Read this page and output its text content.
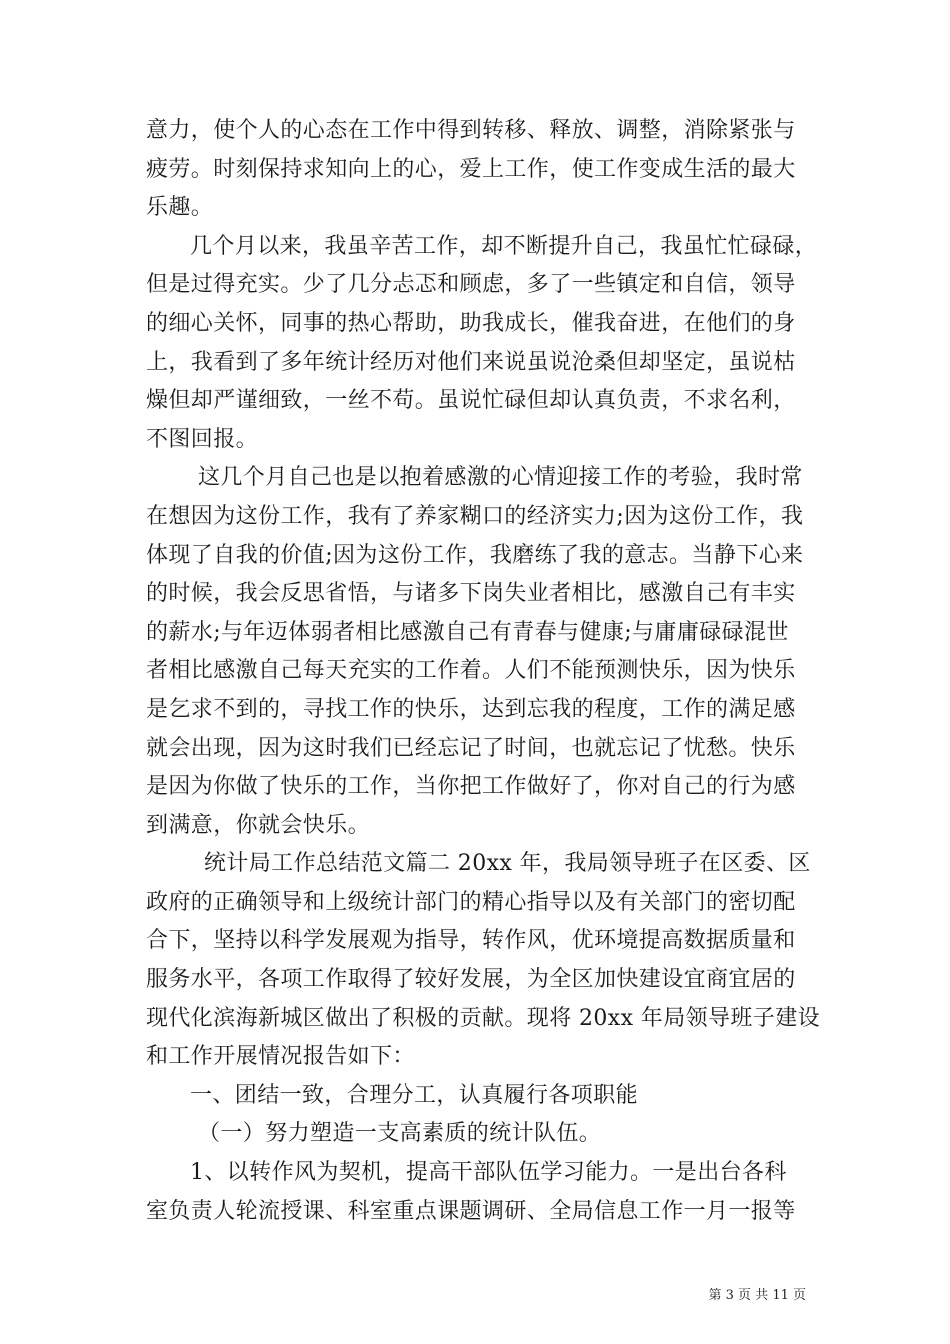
意力，使个人的心态在工作中得到转移、释放、调整，消除紧张与
疲劳。时刻保持求知向上的心，爱上工作，使工作变成生活的最大
乐趣。
几个月以来，我虽辛苦工作，却不断提升自己，我虽忙忙碌碌，
但是过得充实。少了几分忐忑和顾虑，多了一些镇定和自信，领导
的细心关怀，同事的热心帮助，助我成长，催我奋进，在他们的身
上，我看到了多年统计经历对他们来说虽说沧桑但却坚定，虽说枯
燥但却严谨细致，一丝不苟。虽说忙碌但却认真负责，不求名利，
不图回报。
这几个月自己也是以抱着感激的心情迎接工作的考验，我时常
在想因为这份工作，我有了养家糊口的经济实力;因为这份工作，我
体现了自我的价值;因为这份工作，我磨练了我的意志。当静下心来
的时候，我会反思省悟，与诸多下岗失业者相比，感激自己有丰实
的薪水;与年迈体弱者相比感激自己有青春与健康;与庸庸碌碌混世
者相比感激自己每天充实的工作着。人们不能预测快乐，因为快乐
是乞求不到的，寻找工作的快乐，达到忘我的程度，工作的满足感
就会出现，因为这时我们已经忘记了时间，也就忘记了忧愁。快乐
是因为你做了快乐的工作，当你把工作做好了，你对自己的行为感
到满意，你就会快乐。
统计局工作总结范文篇二 20xx 年，我局领导班子在区委、区
政府的正确领导和上级统计部门的精心指导以及有关部门的密切配
合下，坚持以科学发展观为指导，转作风，优环境提高数据质量和
服务水平，各项工作取得了较好发展，为全区加快建设宜商宜居的
现代化滨海新城区做出了积极的贡献。现将 20xx 年局领导班子建设
和工作开展情况报告如下：
一、团结一致，合理分工，认真履行各项职能
（一）努力塑造一支高素质的统计队伍。
1、以转作风为契机，提高干部队伍学习能力。一是出台各科
室负责人轮流授课、科室重点课题调研、全局信息工作一月一报等
第 3 页 共 11 页
